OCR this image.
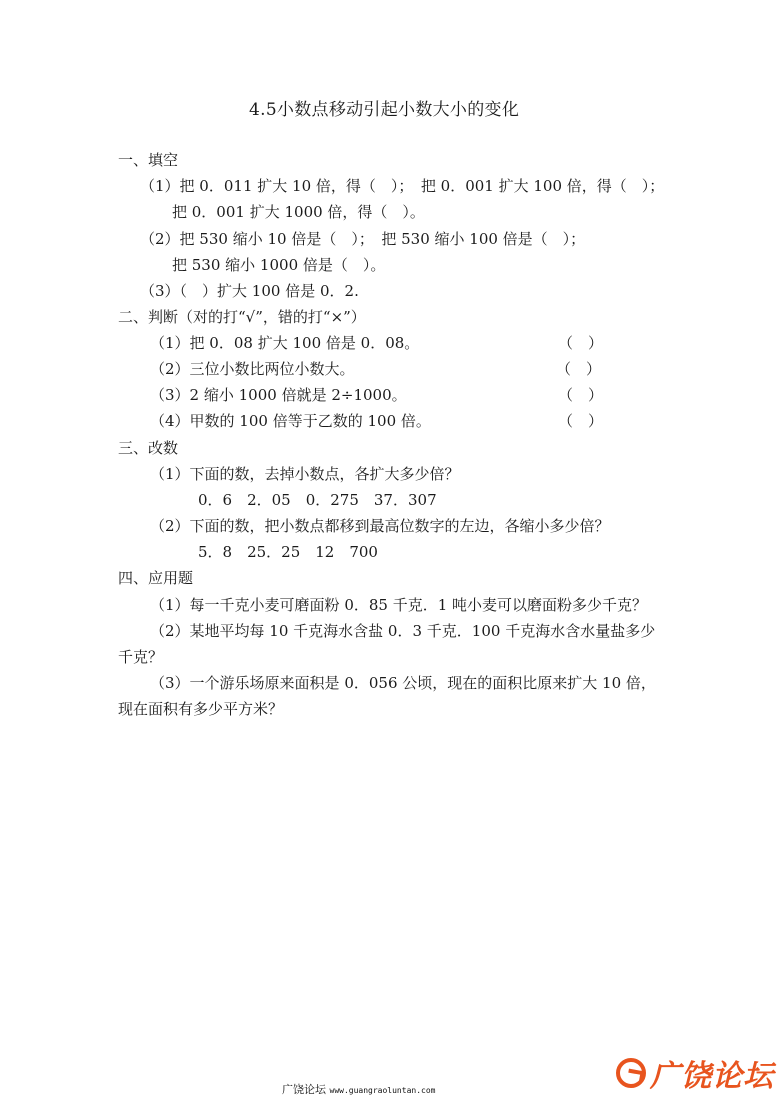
4.5小数点移动引起小数大小的变化
一、填空
（1）把 0．011 扩大 10 倍，得（　）；　把 0．001 扩大 100 倍，得（　）；
把 0．001 扩大 1000 倍，得（　）。
（2）把 530 缩小 10 倍是（　）；　把 530 缩小 100 倍是（　）；
把 530 缩小 1000 倍是（　）。
（3）（　）扩大 100 倍是 0．2.
二、判断（对的打“√”，错的打“×”）
（1）把 0．08 扩大 100 倍是 0．08。	（　）
（2）三位小数比两位小数大。	（　）
（3）2 缩小 1000 倍就是 2÷1000。	（　）
（4）甲数的 100 倍等于乙数的 100 倍。	（　）
三、改数
（1）下面的数，去掉小数点，各扩大多少倍？
0．6　2．05　0．275　37．307
（2）下面的数，把小数点都移到最高位数字的左边，各缩小多少倍？
5．8　25．25　12　700
四、应用题
（1）每一千克小麦可磨面粉 0．85 千克．1 吨小麦可以磨面粉多少千克？
（2）某地平均每 10 千克海水含盐 0．3 千克．100 千克海水含水量盐多少
千克？
（3）一个游乐场原来面积是 0．056 公顷，现在的面积比原来扩大 10 倍，
现在面积有多少平方米？
广饶论坛
广饶论坛 www.guangraoluntan.com
